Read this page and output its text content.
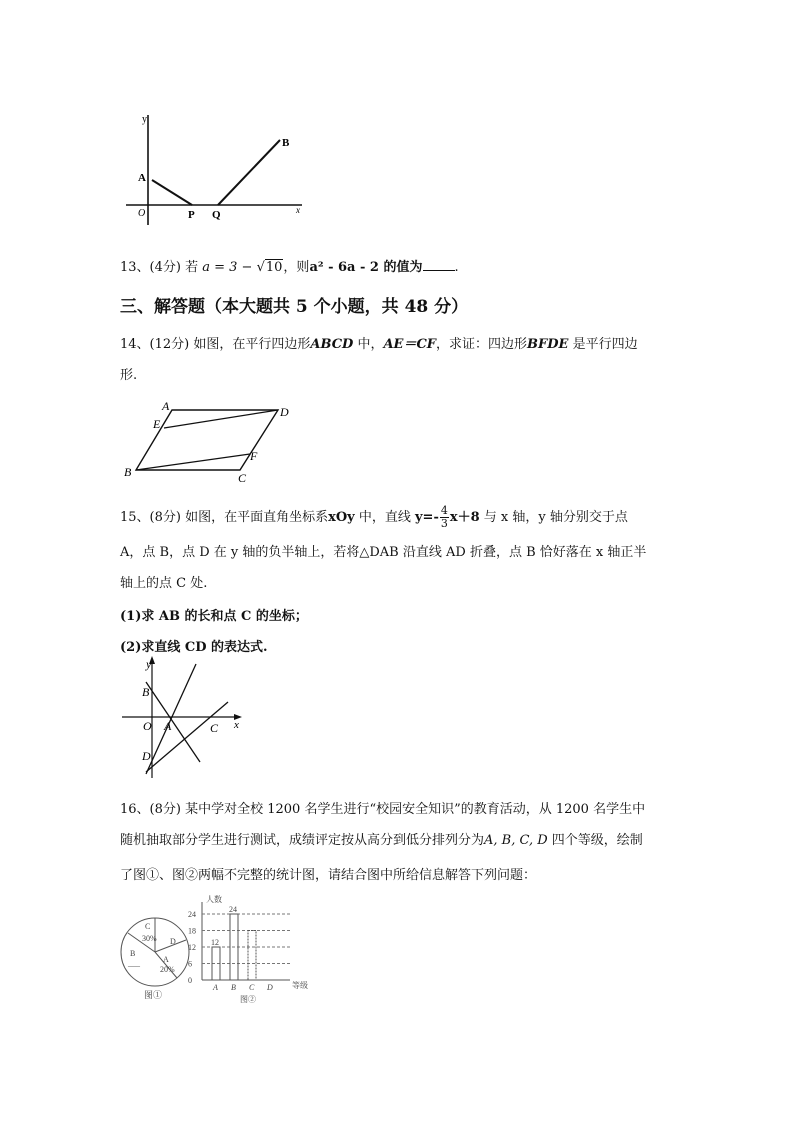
y
A
B
O	P Q	x
13、(4分) 若 a = 3 − √10，则a² - 6a - 2 的值为 .
三、解答题（本大题共 5 个小题，共 48 分）
14、(12分) 如图，在平行四边形ABCD 中，AE＝CF，求证：四边形BFDE 是平行四边
形.
A	D
E
B
F
C
15、(8分) 如图，在平面直角坐标系xOy 中，直线 $y=- \frac{4}{3} x+8$ 与 x 轴，y 轴分别交于点
A，点 B，点 D 在 y 轴的负半轴上，若将△DAB 沿直线 AD 折叠，点 B 恰好落在 x 轴正半
轴上的点 C 处.
(1)求 AB 的长和点 C 的坐标；
(2)求直线 CD 的表达式.
y
B
O A	C x
D
16、(8分) 某中学对全校 1200 名学生进行“校园安全知识”的教育活动，从 1200 名学生中
随机抽取部分学生进行测试，成绩评定按从高分到低分排列分为A, B, C, D 四个等级，绘制
了图①、图②两幅不完整的统计图，请结合图中所给信息解答下列问题：
C
30% D
B
___	A
20%
图①
人数
等级
图②
24
18
12
6
0
12
A
24
B C D
